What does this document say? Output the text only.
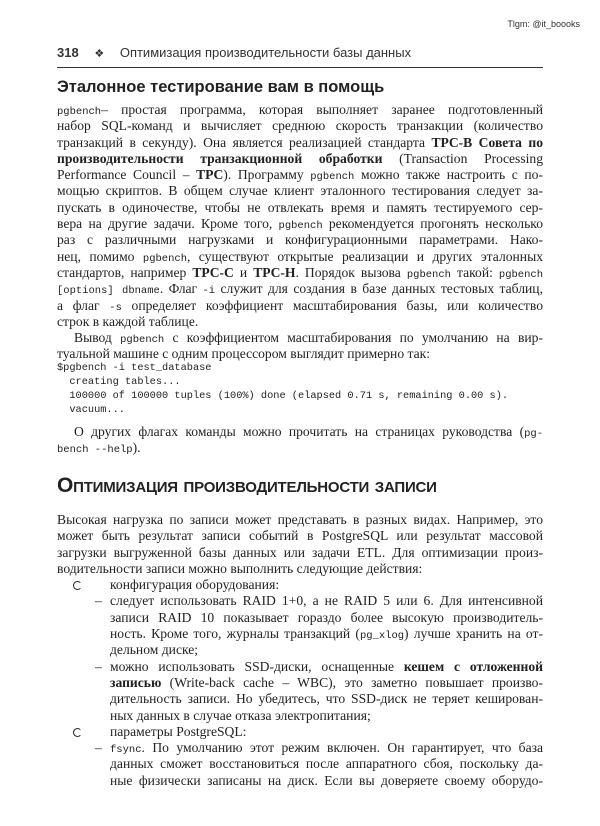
Tlgm: @it_boooks
318 ❖ Оптимизация производительности базы данных
Эталонное тестирование вам в помощь
pgbench– простая программа, которая выполняет заранее подготовленный
набор SQL-команд и вычисляет среднюю скорость транзакции (количество
транзакций в секунду). Она является реализацией стандарта TPC-B Совета по
производительности транзакционной обработки (Transaction Processing
Performance Council – TPC). Программу pgbench можно также настроить с по-
мощью скриптов. В общем случае клиент эталонного тестирования следует за-
пускать в одиночестве, чтобы не отвлекать время и память тестируемого сер-
вера на другие задачи. Кроме того, pgbench рекомендуется прогонять несколько
раз с различными нагрузками и конфигурационными параметрами. Нако-
нец, помимо pgbench, существуют открытые реализации и других эталонных
стандартов, например TPC-C и TPC-H. Порядок вызова pgbench такой: pgbench
[options] dbname. Флаг -i служит для создания в базе данных тестовых таблиц,
а флаг -s определяет коэффициент масштабирования базы, или количество
строк в каждой таблице.
Вывод pgbench с коэффициентом масштабирования по умолчанию на вир-
туальной машине с одним процессором выглядит примерно так:
$pgbench -i test_database
creating tables...
100000 of 100000 tuples (100%) done (elapsed 0.71 s, remaining 0.00 s).
vacuum...
О других флагах команды можно прочитать на страницах руководства (pg-
bench --help).
Оптимизация производительности записи
Высокая нагрузка по записи может представать в разных видах. Например, это
может быть результат записи событий в PostgreSQL или результат массовой
загрузки выгруженной базы данных или задачи ETL. Для оптимизации произ-
водительности записи можно выполнить следующие действия:
конфигурация оборудования:
– следует использовать RAID 1+0, а не RAID 5 или 6. Для интенсивной
записи RAID 10 показывает гораздо более высокую производитель-
ность. Кроме того, журналы транзакций (pg_xlog) лучше хранить на от-
дельном диске;
– можно использовать SSD-диски, оснащенные кешем с отложенной
записью (Write-back cache – WBC), это заметно повышает произво-
дительность записи. Но убедитесь, что SSD-диск не теряет кеширован-
ных данных в случае отказа электропитания;
параметры PostgreSQL:
– fsync. По умолчанию этот режим включен. Он гарантирует, что база
данных сможет восстановиться после аппаратного сбоя, поскольку да-
ные физически записаны на диск. Если вы доверяете своему оборудо-
